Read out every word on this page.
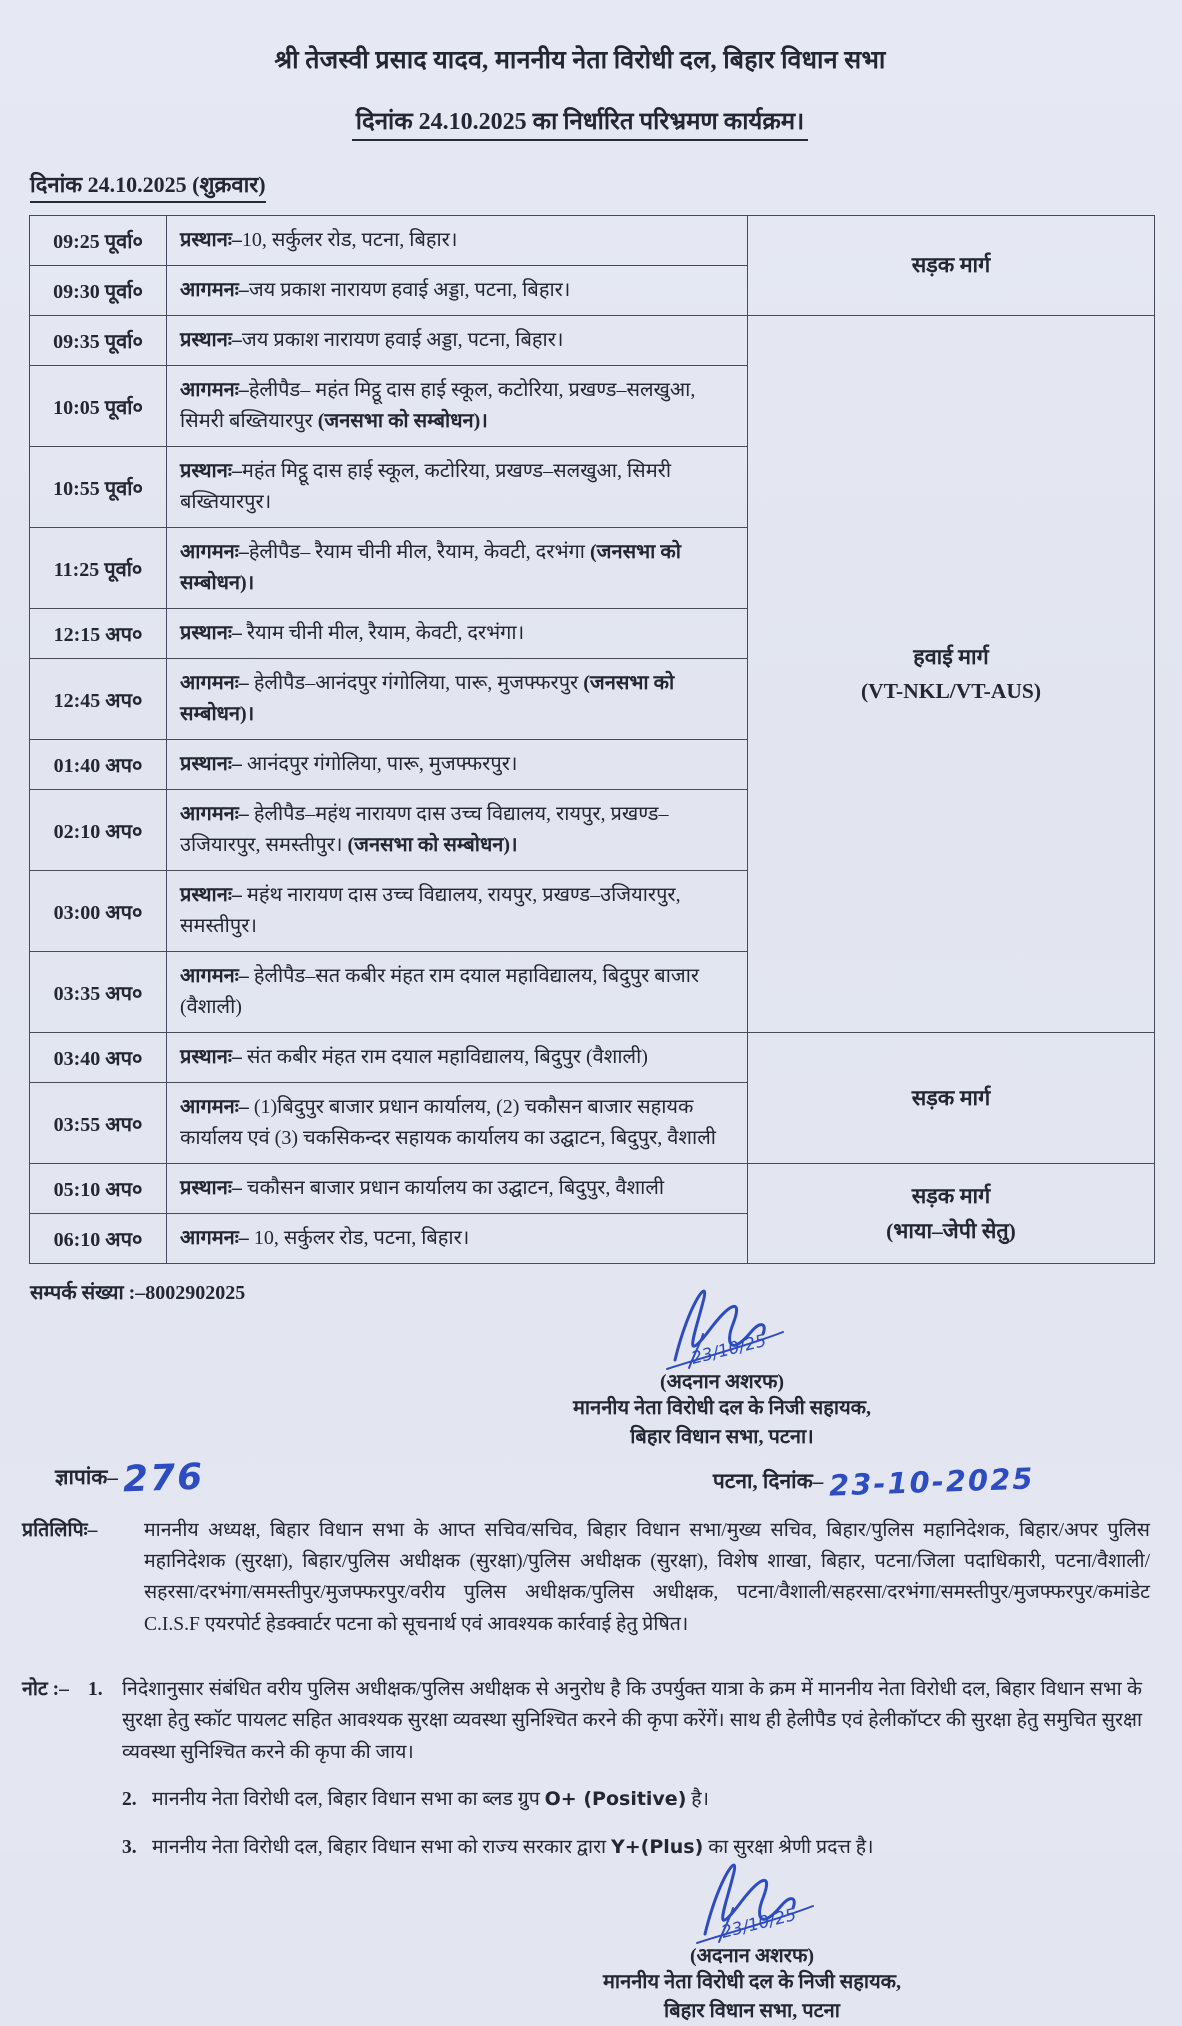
श्री तेजस्वी प्रसाद यादव, माननीय नेता विरोधी दल, बिहार विधान सभा

दिनांक 24.10.2025 का निर्धारित परिभ्रमण कार्यक्रम।
दिनांक 24.10.2025 (शुक्रवार)
09:25 पूर्वा०	प्रस्थानः–10, सर्कुलर रोड, पटना, बिहार।	सड़क मार्ग

09:30 पूर्वा०	आगमनः–जय प्रकाश नारायण हवाई अड्डा, पटना, बिहार।	
09:35 पूर्वा०	प्रस्थानः–जय प्रकाश नारायण हवाई अड्डा, पटना, बिहार।	हवाई मार्ग
(VT-NKL/VT-AUS)

10:05 पूर्वा०	आगमनः–हेलीपैड– महंत मिट्ठू दास हाई स्कूल, कटोरिया, प्रखण्ड–सलखुआ, सिमरी बख्तियारपुर (जनसभा को सम्बोधन)।	
10:55 पूर्वा०	प्रस्थानः–महंत मिट्ठू दास हाई स्कूल, कटोरिया, प्रखण्ड–सलखुआ, सिमरी बख्तियारपुर।	
11:25 पूर्वा०	आगमनः–हेलीपैड– रैयाम चीनी मील, रैयाम, केवटी, दरभंगा (जनसभा को सम्बोधन)।	
12:15 अप०	प्रस्थानः– रैयाम चीनी मील, रैयाम, केवटी, दरभंगा।	
12:45 अप०	आगमनः– हेलीपैड–आनंदपुर गंगोलिया, पारू, मुजफ्फरपुर (जनसभा को सम्बोधन)।	
01:40 अप०	प्रस्थानः– आनंदपुर गंगोलिया, पारू, मुजफ्फरपुर।	
02:10 अप०	आगमनः– हेलीपैड–महंथ नारायण दास उच्च विद्यालय, रायपुर, प्रखण्ड–उजियारपुर, समस्तीपुर। (जनसभा को सम्बोधन)।	
03:00 अप०	प्रस्थानः– महंथ नारायण दास उच्च विद्यालय, रायपुर, प्रखण्ड–उजियारपुर, समस्तीपुर।	
03:35 अप०	आगमनः– हेलीपैड–सत कबीर मंहत राम दयाल महाविद्यालय, बिदुपुर बाजार (वैशाली)	
03:40 अप०	प्रस्थानः– संत कबीर मंहत राम दयाल महाविद्यालय, बिदुपुर (वैशाली)	सड़क मार्ग

03:55 अप०	आगमनः– (1)बिदुपुर बाजार प्रधान कार्यालय, (2) चकौसन बाजार सहायक कार्यालय एवं (3) चकसिकन्दर सहायक कार्यालय का उद्घाटन, बिदुपुर, वैशाली	
05:10 अप०	प्रस्थानः– चकौसन बाजार प्रधान कार्यालय का उद्घाटन, बिदुपुर, वैशाली	सड़क मार्ग
(भाया–जेपी सेतु)

06:10 अप०	आगमनः– 10, सर्कुलर रोड, पटना, बिहार।	
सम्पर्क संख्या :–8002902025
23/10/25
(अदनान अशरफ)
माननीय नेता विरोधी दल के निजी सहायक,
बिहार विधान सभा, पटना।
ज्ञापांक– 276	पटना, दिनांक– 23-10-2025
प्रतिलिपिः–	माननीय अध्यक्ष, बिहार विधान सभा के आप्त सचिव/सचिव, बिहार विधान सभा/मुख्य सचिव, बिहार/पुलिस महानिदेशक, बिहार/अपर पुलिस महानिदेशक (सुरक्षा), बिहार/पुलिस अधीक्षक (सुरक्षा)/पुलिस अधीक्षक (सुरक्षा), विशेष शाखा, बिहार, पटना/जिला पदाधिकारी, पटना/वैशाली/सहरसा/दरभंगा/समस्तीपुर/मुजफ्फरपुर/वरीय पुलिस अधीक्षक/पुलिस अधीक्षक, पटना/वैशाली/सहरसा/दरभंगा/समस्तीपुर/मुजफ्फरपुर/कमांडेट C.I.S.F एयरपोर्ट हेडक्वार्टर पटना को सूचनार्थ एवं आवश्यक कार्रवाई हेतु प्रेषित।
नोट :– 1. निदेशानुसार संबंधित वरीय पुलिस अधीक्षक/पुलिस अधीक्षक से अनुरोध है कि उपर्युक्त यात्रा के क्रम में माननीय नेता विरोधी दल, बिहार विधान सभा के सुरक्षा हेतु स्कॉट पायलट सहित आवश्यक सुरक्षा व्यवस्था सुनिश्चित करने की कृपा करेंगें। साथ ही हेलीपैड एवं हेलीकॉप्टर की सुरक्षा हेतु समुचित सुरक्षा व्यवस्था सुनिश्चित करने की कृपा की जाय।
2. माननीय नेता विरोधी दल, बिहार विधान सभा का ब्लड ग्रुप O+ (Positive) है।
3. माननीय नेता विरोधी दल, बिहार विधान सभा को राज्य सरकार द्वारा Y+(Plus) का सुरक्षा श्रेणी प्रदत्त है।
23/10/25
(अदनान अशरफ)
माननीय नेता विरोधी दल के निजी सहायक,
बिहार विधान सभा, पटना
